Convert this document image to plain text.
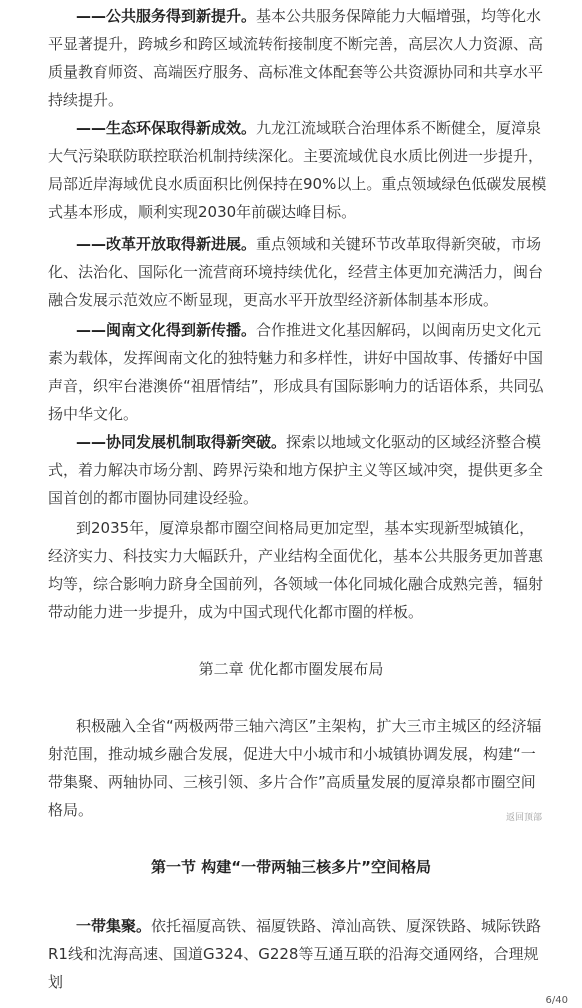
——公共服务得到新提升。基本公共服务保障能力大幅增强，均等化水平显著提升，跨城乡和跨区域流转衔接制度不断完善，高层次人力资源、高质量教育师资、高端医疗服务、高标准文体配套等公共资源协同和共享水平持续提升。

——生态环保取得新成效。九龙江流域联合治理体系不断健全，厦漳泉大气污染联防联控联治机制持续深化。主要流域优良水质比例进一步提升，局部近岸海域优良水质面积比例保持在90%以上。重点领域绿色低碳发展模式基本形成，顺利实现2030年前碳达峰目标。

——改革开放取得新进展。重点领域和关键环节改革取得新突破，市场化、法治化、国际化一流营商环境持续优化，经营主体更加充满活力，闽台融合发展示范效应不断显现，更高水平开放型经济新体制基本形成。

——闽南文化得到新传播。合作推进文化基因解码，以闽南历史文化元素为载体，发挥闽南文化的独特魅力和多样性，讲好中国故事、传播好中国声音，织牢台港澳侨“祖厝情结”，形成具有国际影响力的话语体系，共同弘扬中华文化。

——协同发展机制取得新突破。探索以地域文化驱动的区域经济整合模式，着力解决市场分割、跨界污染和地方保护主义等区域冲突，提供更多全国首创的都市圈协同建设经验。

到2035年，厦漳泉都市圈空间格局更加定型，基本实现新型城镇化，经济实力、科技实力大幅跃升，产业结构全面优化，基本公共服务更加普惠均等，综合影响力跻身全国前列，各领域一体化同城化融合成熟完善，辐射带动能力进一步提升，成为中国式现代化都市圈的样板。

第二章 优化都市圈发展布局

积极融入全省“两极两带三轴六湾区”主架构，扩大三市主城区的经济辐射范围，推动城乡融合发展，促进大中小城市和小城镇协调发展，构建“一带集聚、两轴协同、三核引领、多片合作”高质量发展的厦漳泉都市圈空间格局。	返回顶部
第一节 构建“一带两轴三核多片”空间格局

一带集聚。依托福厦高铁、福厦铁路、漳汕高铁、厦深铁路、城际铁路R1线和沈海高速、国道G324、G228等互通互联的沿海交通网络，合理规划

6/40
